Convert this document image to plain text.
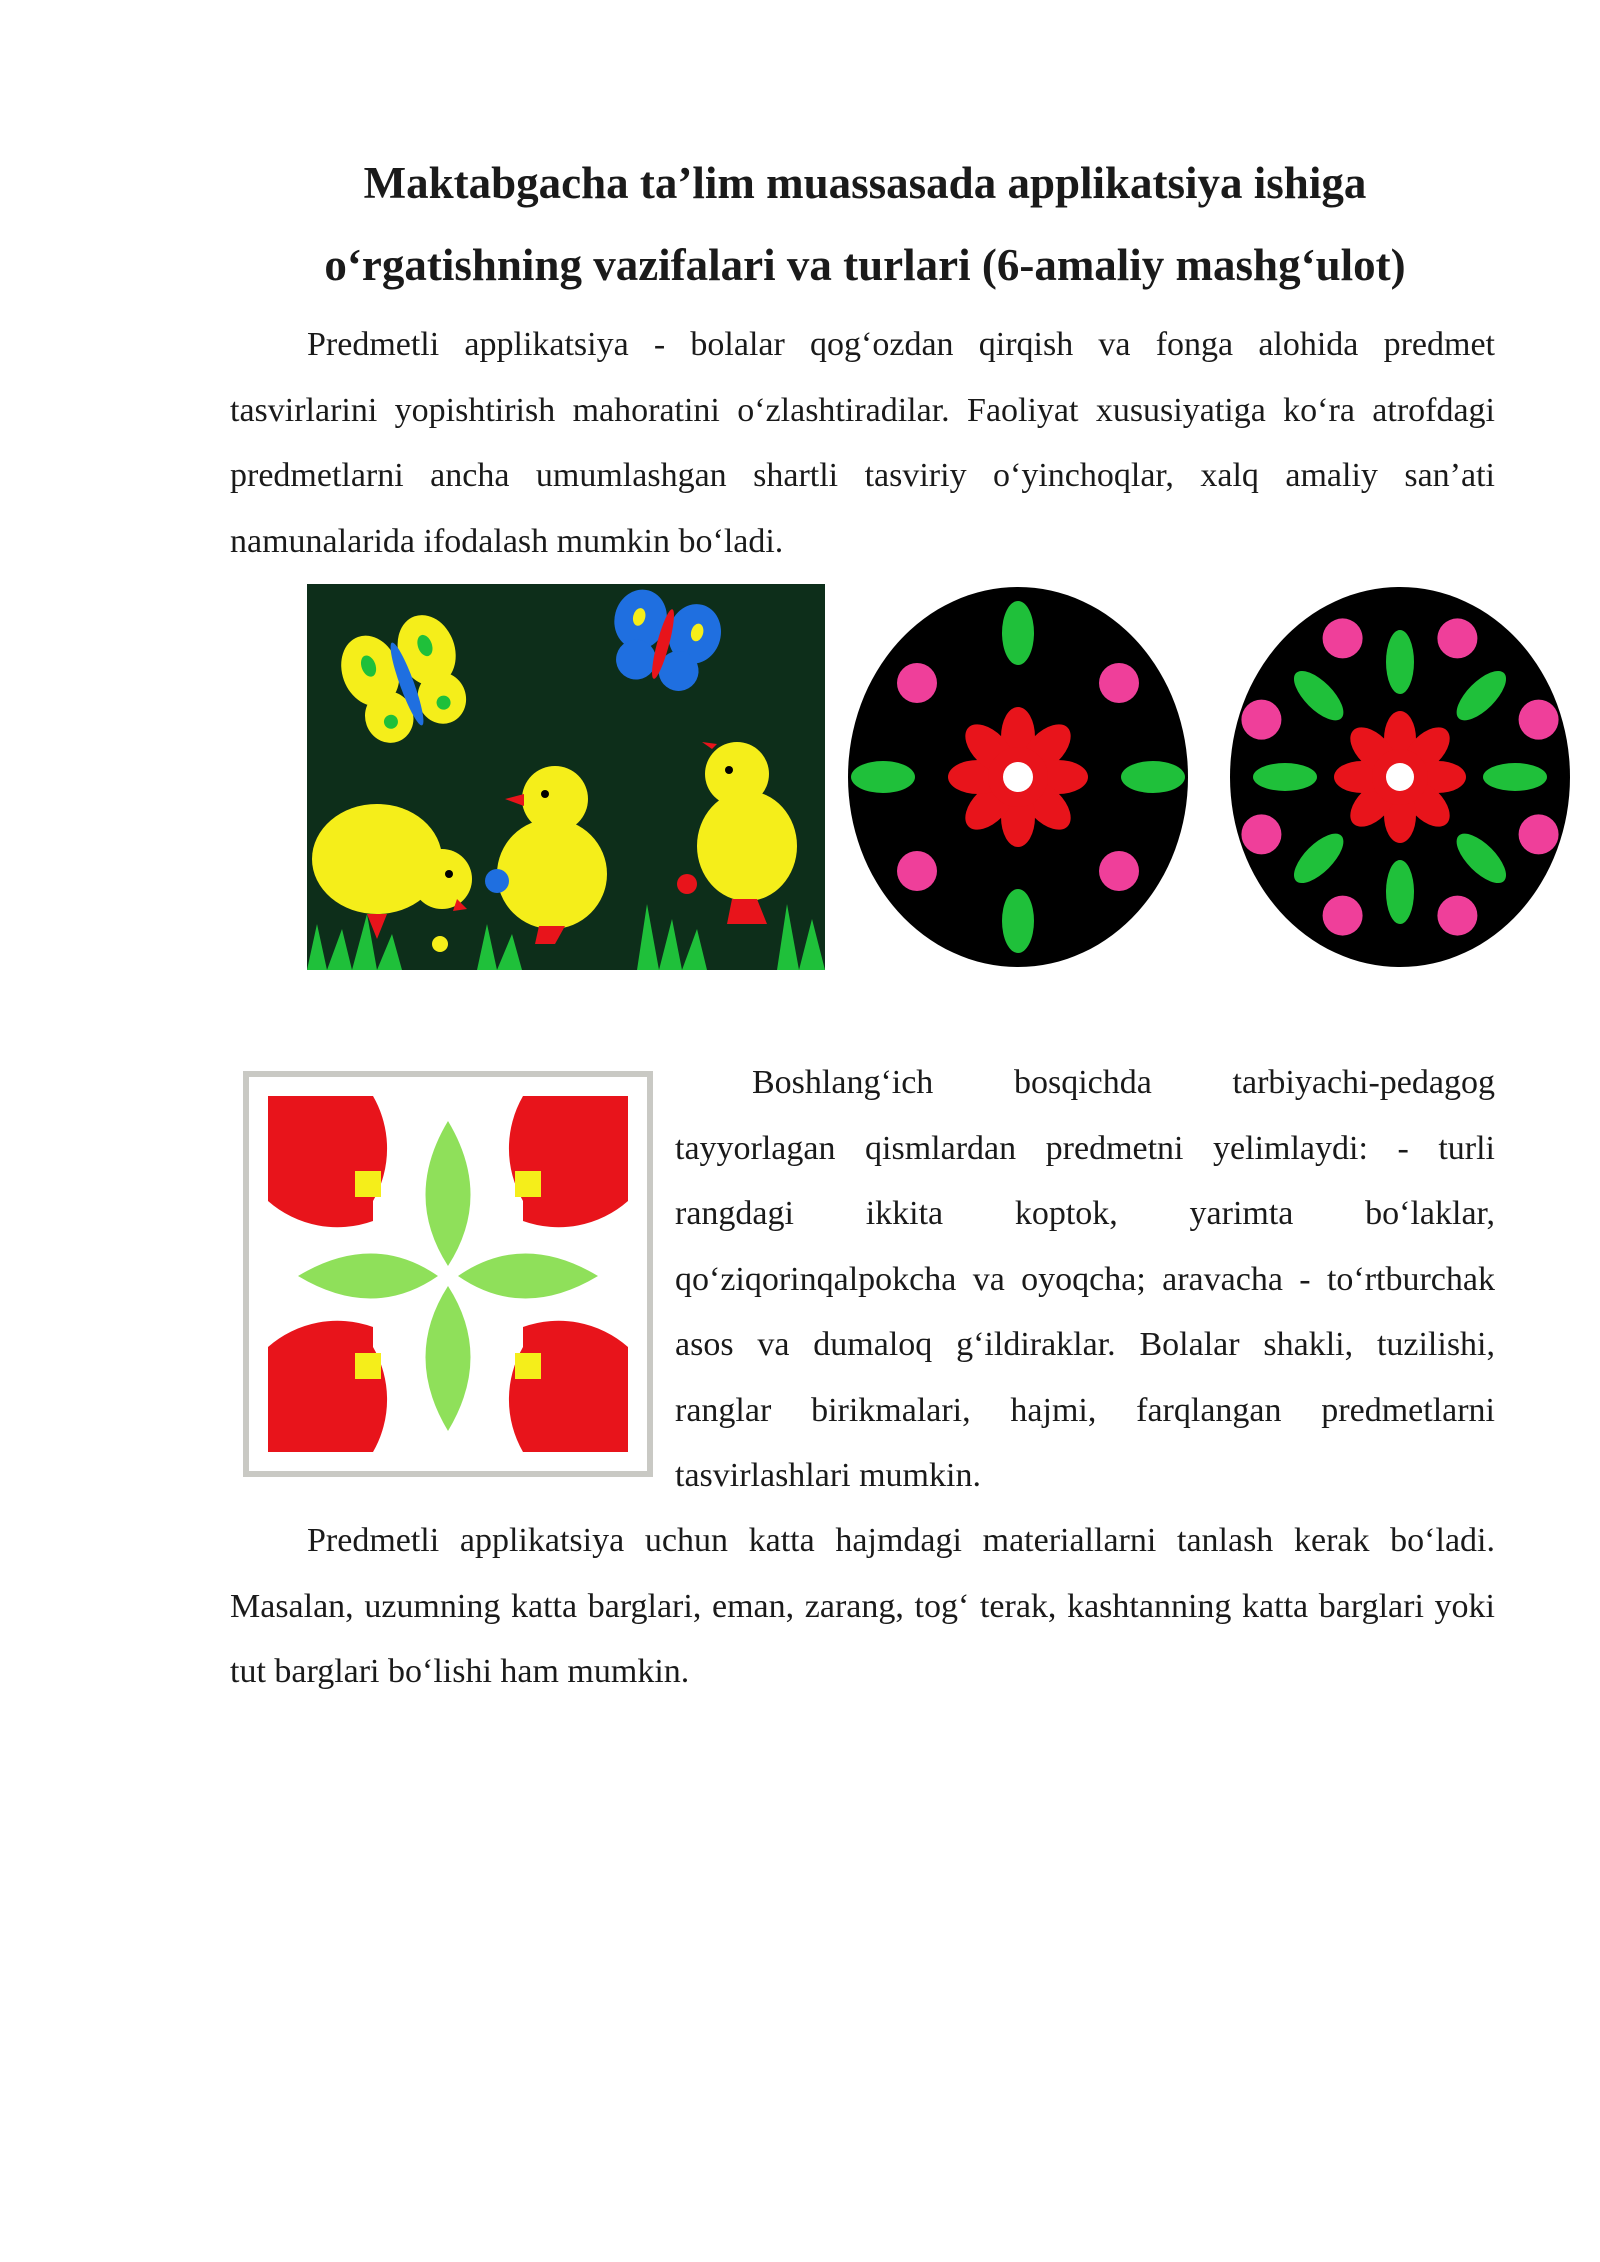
Maktabgacha ta’lim muassasada applikatsiya ishiga
o‘rgatishning vazifalari va turlari (6-amaliy mashg‘ulot)

Predmetli applikatsiya - bolalar qog‘ozdan qirqish va fonga alohida predmet tasvirlarini yopishtirish mahoratini o‘zlashtiradilar. Faoliyat xususiyatiga ko‘ra atrofdagi predmetlarni ancha umumlashgan shartli tasviriy o‘yinchoqlar, xalq amaliy san’ati namunalarida ifodalash mumkin bo‘ladi.

Boshlang‘ich bosqichda tarbiyachi-pedagog tayyorlagan qismlardan predmetni yelimlaydi: - turli rangdagi ikkita koptok, yarimta bo‘laklar, qo‘ziqorinqalpokcha va oyoqcha; aravacha - to‘rtburchak asos va dumaloq g‘ildiraklar. Bolalar shakli, tuzilishi, ranglar birikmalari, hajmi, farqlangan predmetlarni tasvirlashlari mumkin.

Predmetli applikatsiya uchun katta hajmdagi materiallarni tanlash kerak bo‘ladi. Masalan, uzumning katta barglari, eman, zarang, tog‘ terak, kashtanning katta barglari yoki tut barglari bo‘lishi ham mumkin.
